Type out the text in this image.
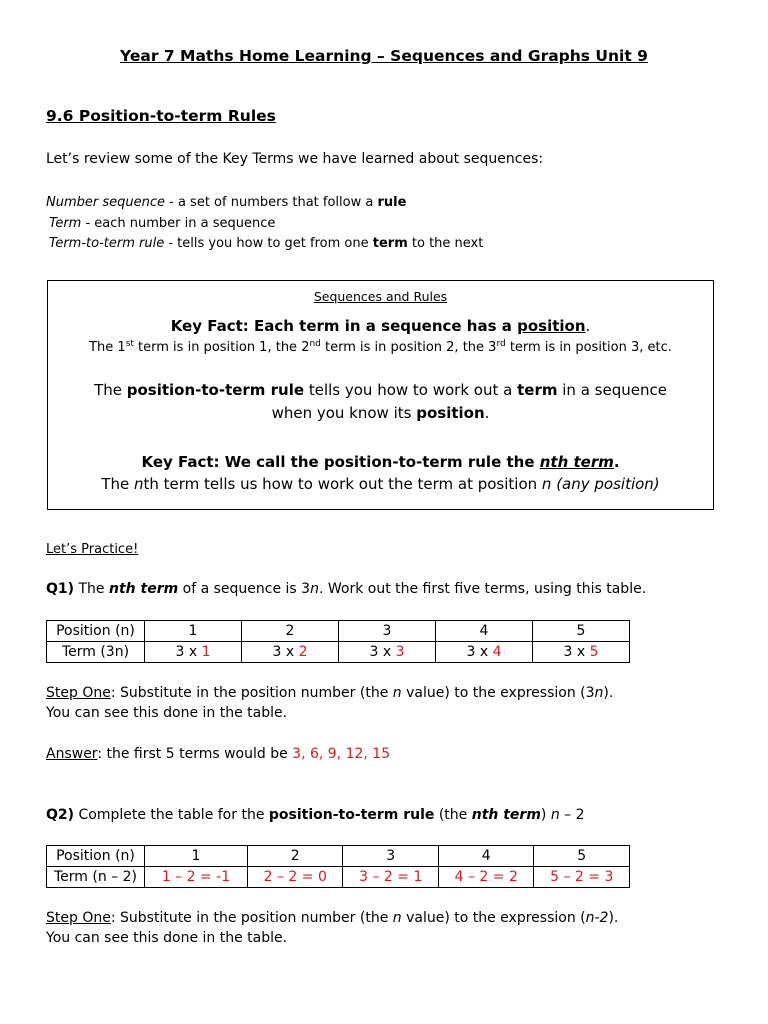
Year 7 Maths Home Learning – Sequences and Graphs Unit 9
9.6 Position-to-term Rules
Let’s review some of the Key Terms we have learned about sequences:
Number sequence - a set of numbers that follow a rule
Term - each number in a sequence
Term-to-term rule - tells you how to get from one term to the next
Sequences and Rules
Key Fact: Each term in a sequence has a position.
The 1st term is in position 1, the 2nd term is in position 2, the 3rd term is in position 3, etc.
The position-to-term rule tells you how to work out a term in a sequence
when you know its position.
Key Fact: We call the position-to-term rule the nth term.
The nth term tells us how to work out the term at position n (any position)
Let’s Practice!
Q1) The nth term of a sequence is 3n. Work out the first five terms, using this table.
Position (n)	1	2	3	4	5
Term (3n)	3 x 1	3 x 2	3 x 3	3 x 4	3 x 5
Step One: Substitute in the position number (the n value) to the expression (3n).
You can see this done in the table.
Answer: the first 5 terms would be 3, 6, 9, 12, 15
Q2) Complete the table for the position-to-term rule (the nth term) n – 2
Position (n)	1	2	3	4	5
Term (n – 2)	1 – 2 = -1	2 – 2 = 0	3 – 2 = 1	4 – 2 = 2	5 – 2 = 3
Step One: Substitute in the position number (the n value) to the expression (n-2).
You can see this done in the table.
